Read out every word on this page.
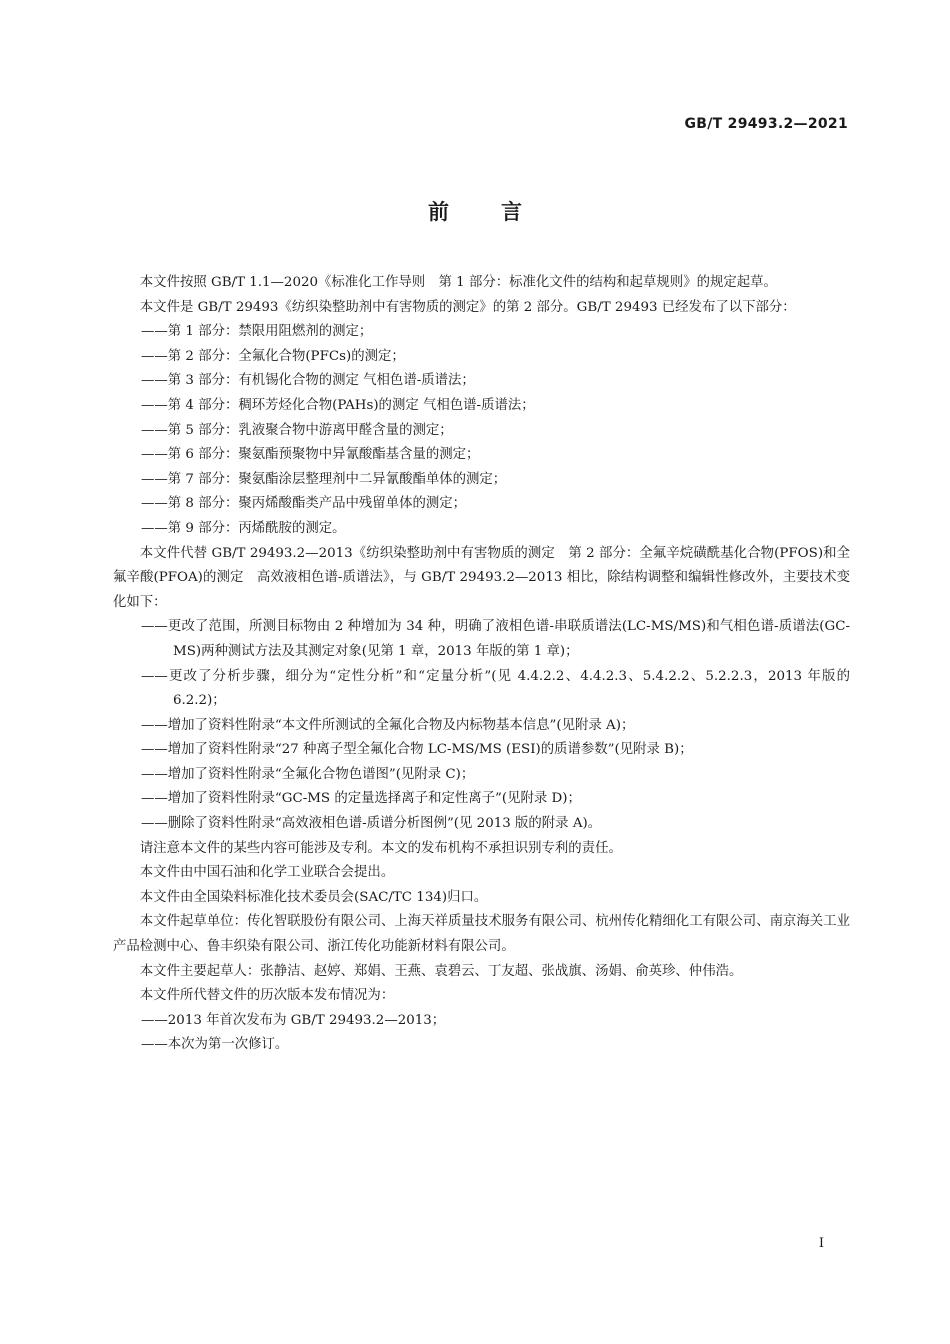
GB/T 29493.2—2021
前言

本文件按照 GB/T 1.1—2020《标准化工作导则　第 1 部分：标准化文件的结构和起草规则》的规定起草。

本文件是 GB/T 29493《纺织染整助剂中有害物质的测定》的第 2 部分。GB/T 29493 已经发布了以下部分：

——第 1 部分：禁限用阻燃剂的测定；

——第 2 部分：全氟化合物(PFCs)的测定；

——第 3 部分：有机锡化合物的测定 气相色谱-质谱法；

——第 4 部分：稠环芳烃化合物(PAHs)的测定 气相色谱-质谱法；

——第 5 部分：乳液聚合物中游离甲醛含量的测定；

——第 6 部分：聚氨酯预聚物中异氰酸酯基含量的测定；

——第 7 部分：聚氨酯涂层整理剂中二异氰酸酯单体的测定；

——第 8 部分：聚丙烯酸酯类产品中残留单体的测定；

——第 9 部分：丙烯酰胺的测定。

本文件代替 GB/T 29493.2—2013《纺织染整助剂中有害物质的测定　第 2 部分：全氟辛烷磺酰基化合物(PFOS)和全氟辛酸(PFOA)的测定　高效液相色谱-质谱法》，与 GB/T 29493.2—2013 相比，除结构调整和编辑性修改外，主要技术变化如下：

——更改了范围，所测目标物由 2 种增加为 34 种，明确了液相色谱-串联质谱法(LC-MS/MS)和气相色谱-质谱法(GC-MS)两种测试方法及其测定对象(见第 1 章，2013 年版的第 1 章)；

——更改了分析步骤，细分为“定性分析”和“定量分析”(见 4.4.2.2、4.4.2.3、5.4.2.2、5.2.2.3，2013 年版的 6.2.2)；

——增加了资料性附录“本文件所测试的全氟化合物及内标物基本信息”(见附录 A)；

——增加了资料性附录“27 种离子型全氟化合物 LC-MS/MS (ESI)的质谱参数”(见附录 B)；

——增加了资料性附录“全氟化合物色谱图”(见附录 C)；

——增加了资料性附录“GC-MS 的定量选择离子和定性离子”(见附录 D)；

——删除了资料性附录“高效液相色谱-质谱分析图例”(见 2013 版的附录 A)。

请注意本文件的某些内容可能涉及专利。本文的发布机构不承担识别专利的责任。

本文件由中国石油和化学工业联合会提出。

本文件由全国染料标准化技术委员会(SAC/TC 134)归口。

本文件起草单位：传化智联股份有限公司、上海天祥质量技术服务有限公司、杭州传化精细化工有限公司、南京海关工业产品检测中心、鲁丰织染有限公司、浙江传化功能新材料有限公司。

本文件主要起草人：张静洁、赵婷、郑娟、王燕、袁碧云、丁友超、张战旗、汤娟、俞英珍、仲伟浩。

本文件所代替文件的历次版本发布情况为：

——2013 年首次发布为 GB/T 29493.2—2013；

——本次为第一次修订。

I
